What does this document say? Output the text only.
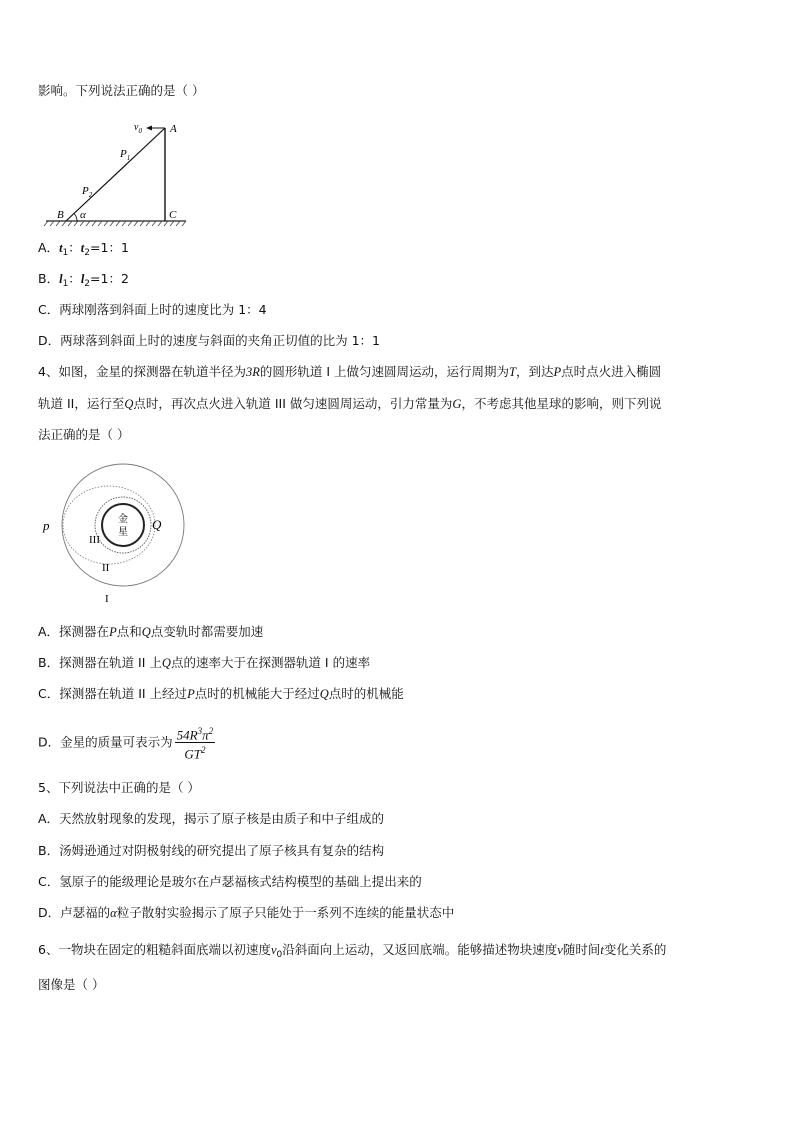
影响。下列说法正确的是（ ）
$v_0$	A
$P_1$
$P_2$
B α	C
A．$t_1$：$t_2=1$：1
B．$l_1$：$l_2=1$：2
C．两球刚落到斜面上时的速度比为 1：4
D．两球落到斜面上时的速度与斜面的夹角正切值的比为 1：1
4、如图，金星的探测器在轨道半径为3R的圆形轨道 I 上做匀速圆周运动，运行周期为T，到达P点时点火进入椭圆
轨道 II，运行至Q点时，再次点火进入轨道 III 做匀速圆周运动，引力常量为G，不考虑其他星球的影响，则下列说
法正确的是（ ）
金
星
p	Q
III
II
I
A．探测器在P点和Q点变轨时都需要加速
B．探测器在轨道 II 上Q点的速率大于在探测器轨道 I 的速率
C．探测器在轨道 II 上经过P点时的机械能大于经过Q点时的机械能
D．金星的质量可表示为 $\frac{54R^3\pi^2}{GT^2}$
5、下列说法中正确的是（ ）
A．天然放射现象的发现，揭示了原子核是由质子和中子组成的
B．汤姆逊通过对阴极射线的研究提出了原子核具有复杂的结构
C．氢原子的能级理论是玻尔在卢瑟福核式结构模型的基础上提出来的
D．卢瑟福的α粒子散射实验揭示了原子只能处于一系列不连续的能量状态中
6、一物块在固定的粗糙斜面底端以初速度$v_0$沿斜面向上运动，又返回底端。能够描述物块速度v随时间t变化关系的
图像是（ ）
